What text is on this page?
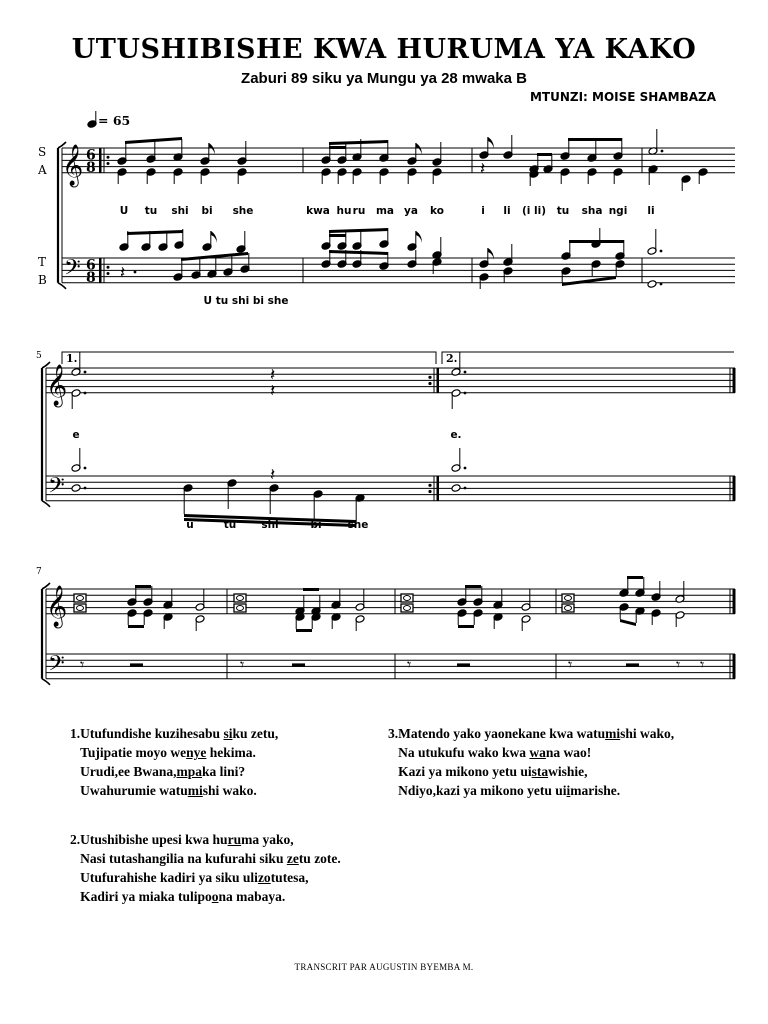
UTUSHIBISHE KWA HURUMA YA KAKO
Zaburi 89 siku ya Mungu ya 28 mwaka B
MTUNZI: MOISE SHAMBAZA
= 65
S
A
T
B
𝄞
𝄢
6
8
6
8
𝄽
U tu shi bi she	kwa hu ru ma ya ko	i li (i li) tu sha ngi li
𝄽
U tu shi bi she
5
𝄞
𝄢
1.	2.
𝄽
𝄽
e	e.
𝄽
u	tu shi	bi she
7
𝄞
𝄢 𝄾	𝄾	𝄾	𝄾	𝄾 𝄾
1.Utufundishe kuzihesabu siku zetu,
Tujipatie moyo wenye hekima.
Urudi,ee Bwana,mpaka lini?
Uwahurumie watumishi wako.
3.Matendo yako yaonekane kwa watumishi wako,
Na utukufu wako kwa wana wao!
Kazi ya mikono yetu uistawishie,
Ndiyo,kazi ya mikono yetu uiimarishe.
2.Utushibishe upesi kwa huruma yako,
Nasi tutashangilia na kufurahi siku zetu zote.
Utufurahishe kadiri ya siku ulizotutesa,
Kadiri ya miaka tulipoona mabaya.
TRANSCRIT PAR AUGUSTIN BYEMBA M.
